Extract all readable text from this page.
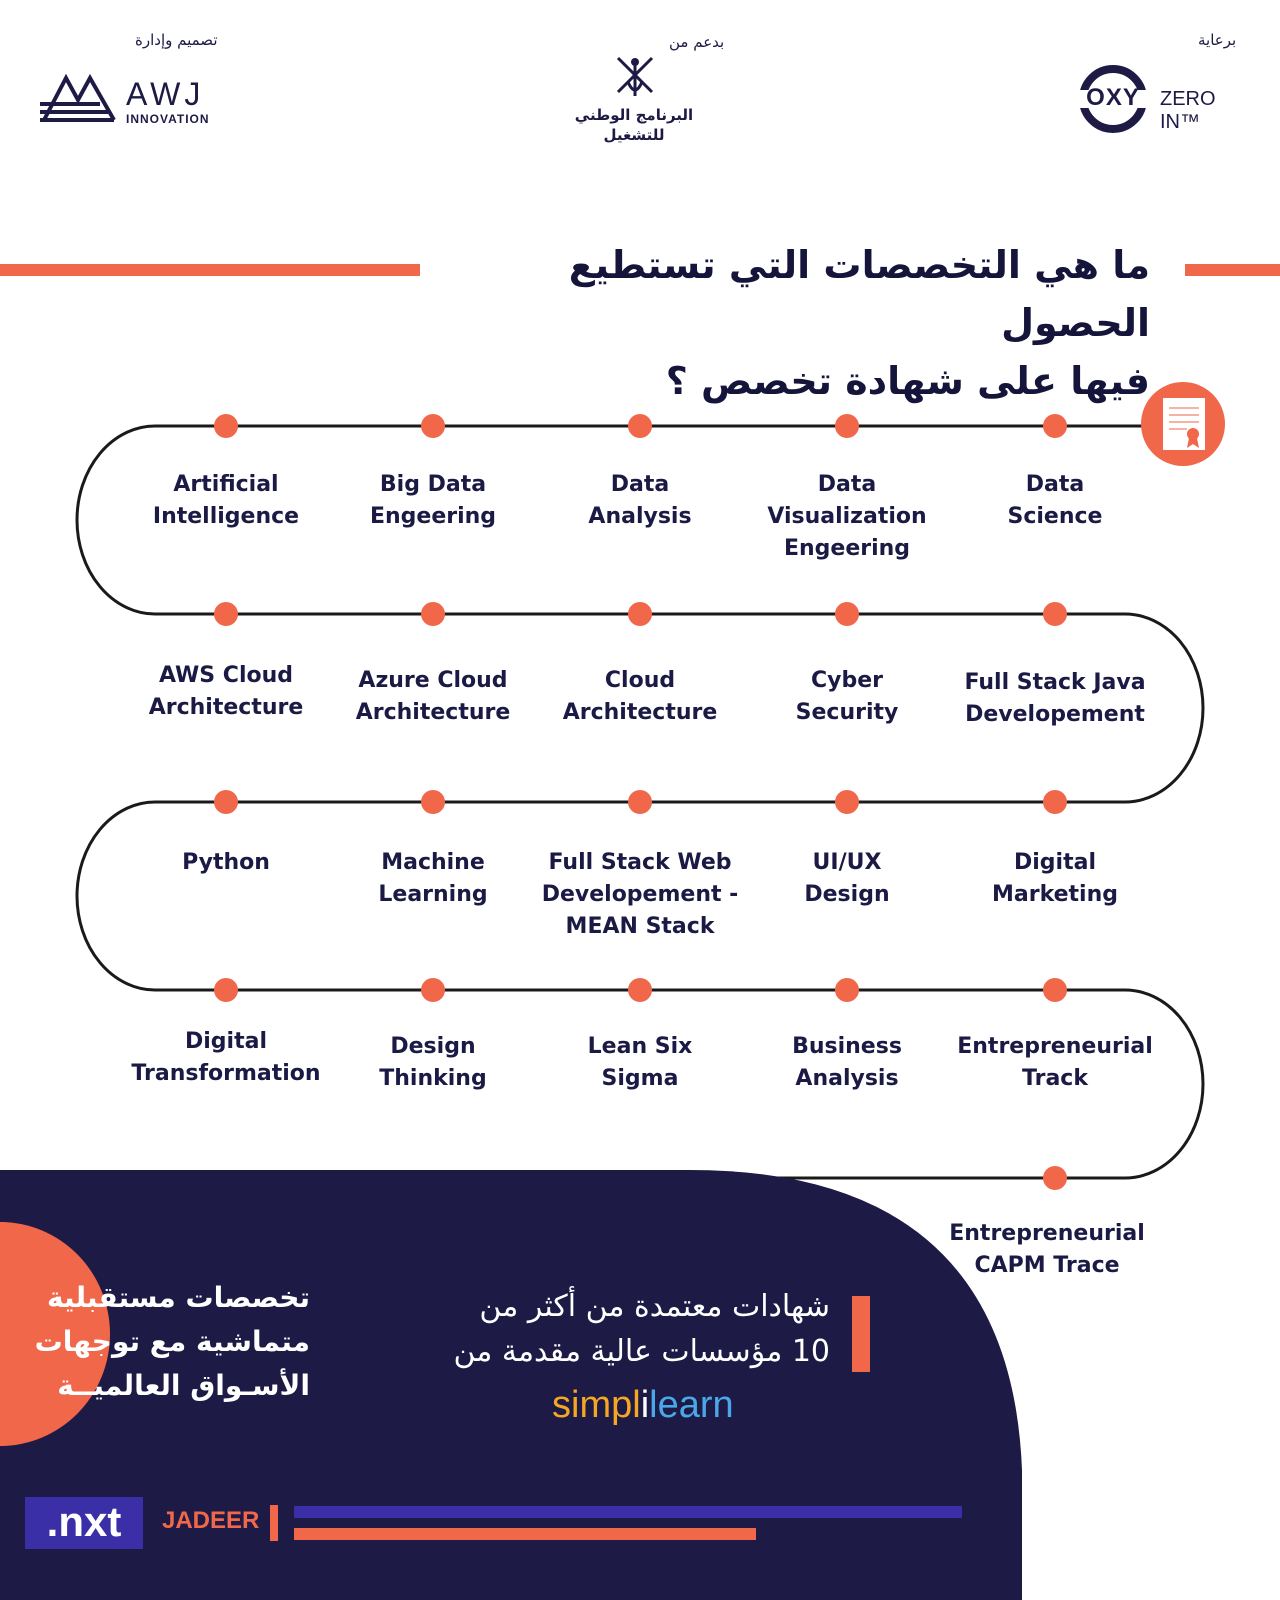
تصميم وإدارة	بدعم من	برعاية
AWJ
INNOVATION	البرنامج الوطني
للتشغيل
OXY	ZERO IN™
ما هي التخصصات التي تستطيع الحصول
فيها على شهادة تخصص ؟
Artificial
Intelligence
Big Data
Engeering
Data
Analysis
Data
Visualization
Engeering
Data
Science
AWS Cloud
Architecture
Azure Cloud
Architecture
Cloud
Architecture
Cyber
Security
Full Stack Java
Developement
Python	Machine
Learning
Full Stack Web
Developement -
MEAN Stack
UI/UX
Design
Digital
Marketing
Digital
Transformation
Design
Thinking
Lean Six
Sigma
Business
Analysis
Entrepreneurial
Track
Entrepreneurial
CAPM Trace
تخصصات مستقبلية
متماشية مع توجهات
الأسـواق العالميــة
شهادات معتمدة من أكثر من
10 مؤسسات عالية مقدمة من
simplilearn
.nxt	JADEER
